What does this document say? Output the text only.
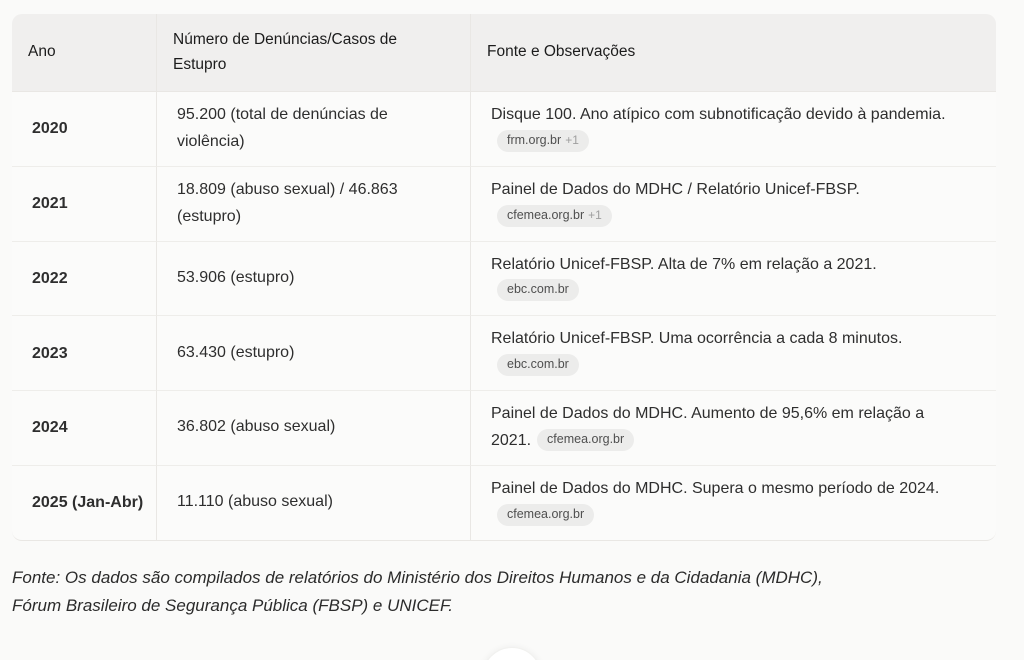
Ano	Número de Denúncias/Casos de Estupro	Fonte e Observações
2020	95.200 (total de denúncias de violência)	Disque 100. Ano atípico com subnotificação devido à pandemia.frm.org.br +1
2021	18.809 (abuso sexual) / 46.863 (estupro)	Painel de Dados do MDHC / Relatório Unicef-FBSP.cfemea.org.br +1
2022	53.906 (estupro)	Relatório Unicef-FBSP. Alta de 7% em relação a 2021.ebc.com.br
2023	63.430 (estupro)	Relatório Unicef-FBSP. Uma ocorrência a cada 8 minutos.ebc.com.br
2024	36.802 (abuso sexual)	Painel de Dados do MDHC. Aumento de 95,6% em relação a 2021. cfemea.org.br
2025 (Jan-Abr)	11.110 (abuso sexual)	Painel de Dados do MDHC. Supera o mesmo período de 2024.cfemea.org.br
Fonte: Os dados são compilados de relatórios do Ministério dos Direitos Humanos e da Cidadania (MDHC), Fórum Brasileiro de Segurança Pública (FBSP) e UNICEF.
